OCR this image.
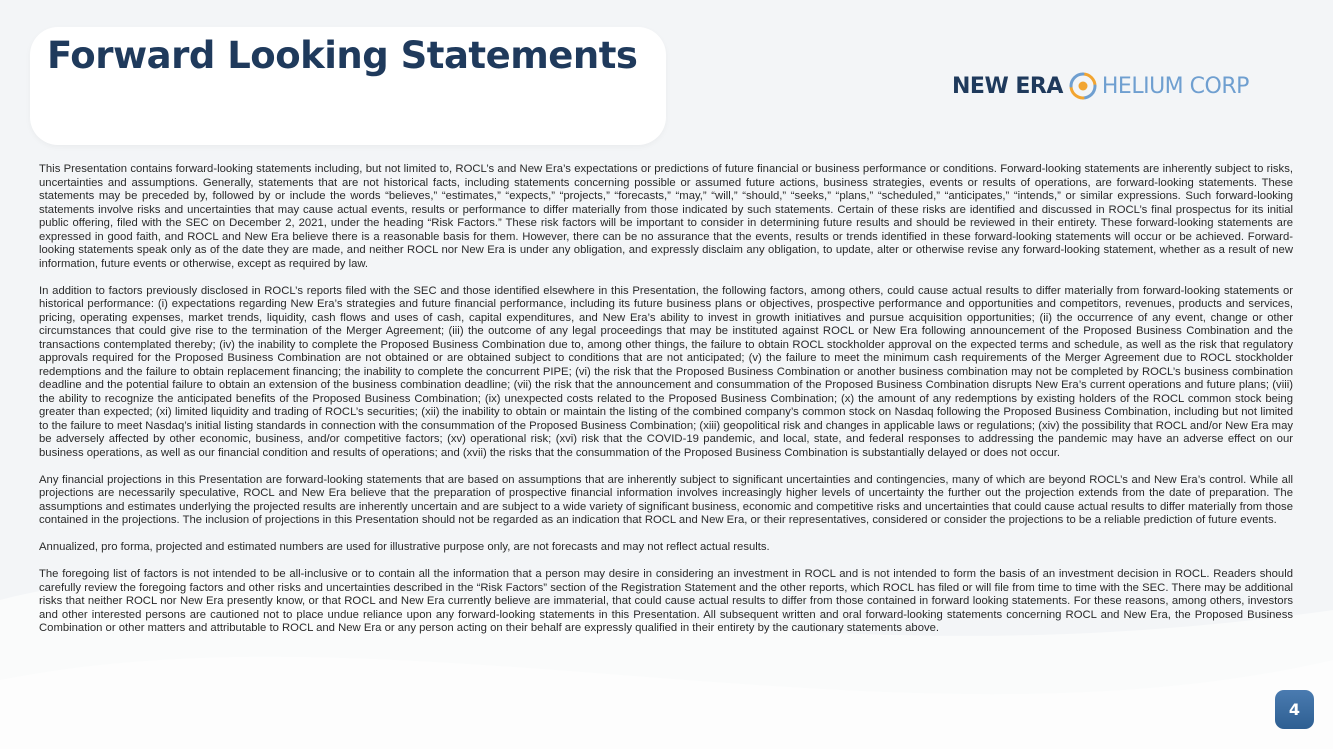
Forward Looking Statements
NEW ERA HELIUM CORP

This Presentation contains forward-looking statements including, but not limited to, ROCL’s and New Era’s expectations or predictions of future financial or business performance or conditions. Forward-looking statements are inherently subject to risks, uncertainties and assumptions. Generally, statements that are not historical facts, including statements concerning possible or assumed future actions, business strategies, events or results of operations, are forward-looking statements. These statements may be preceded by, followed by or include the words “believes,” “estimates,” “expects,” “projects,” “forecasts,” “may,” “will,” “should,” “seeks,” “plans,” “scheduled,” “anticipates,” “intends,” or similar expressions. Such forward-looking statements involve risks and uncertainties that may cause actual events, results or performance to differ materially from those indicated by such statements. Certain of these risks are identified and discussed in ROCL’s final prospectus for its initial public offering, filed with the SEC on December 2, 2021, under the heading “Risk Factors.” These risk factors will be important to consider in determining future results and should be reviewed in their entirety. These forward-looking statements are expressed in good faith, and ROCL and New Era believe there is a reasonable basis for them. However, there can be no assurance that the events, results or trends identified in these forward-looking statements will occur or be achieved. Forward-looking statements speak only as of the date they are made, and neither ROCL nor New Era is under any obligation, and expressly disclaim any obligation, to update, alter or otherwise revise any forward-looking statement, whether as a result of new information, future events or otherwise, except as required by law.

In addition to factors previously disclosed in ROCL’s reports filed with the SEC and those identified elsewhere in this Presentation, the following factors, among others, could cause actual results to differ materially from forward-looking statements or historical performance: (i) expectations regarding New Era’s strategies and future financial performance, including its future business plans or objectives, prospective performance and opportunities and competitors, revenues, products and services, pricing, operating expenses, market trends, liquidity, cash flows and uses of cash, capital expenditures, and New Era’s ability to invest in growth initiatives and pursue acquisition opportunities; (ii) the occurrence of any event, change or other circumstances that could give rise to the termination of the Merger Agreement; (iii) the outcome of any legal proceedings that may be instituted against ROCL or New Era following announcement of the Proposed Business Combination and the transactions contemplated thereby; (iv) the inability to complete the Proposed Business Combination due to, among other things, the failure to obtain ROCL stockholder approval on the expected terms and schedule, as well as the risk that regulatory approvals required for the Proposed Business Combination are not obtained or are obtained subject to conditions that are not anticipated; (v) the failure to meet the minimum cash requirements of the Merger Agreement due to ROCL stockholder redemptions and the failure to obtain replacement financing; the inability to complete the concurrent PIPE; (vi) the risk that the Proposed Business Combination or another business combination may not be completed by ROCL’s business combination deadline and the potential failure to obtain an extension of the business combination deadline; (vii) the risk that the announcement and consummation of the Proposed Business Combination disrupts New Era’s current operations and future plans; (viii) the ability to recognize the anticipated benefits of the Proposed Business Combination; (ix) unexpected costs related to the Proposed Business Combination; (x) the amount of any redemptions by existing holders of the ROCL common stock being greater than expected; (xi) limited liquidity and trading of ROCL’s securities; (xii) the inability to obtain or maintain the listing of the combined company’s common stock on Nasdaq following the Proposed Business Combination, including but not limited to the failure to meet Nasdaq’s initial listing standards in connection with the consummation of the Proposed Business Combination; (xiii) geopolitical risk and changes in applicable laws or regulations; (xiv) the possibility that ROCL and/or New Era may be adversely affected by other economic, business, and/or competitive factors; (xv) operational risk; (xvi) risk that the COVID-19 pandemic, and local, state, and federal responses to addressing the pandemic may have an adverse effect on our business operations, as well as our financial condition and results of operations; and (xvii) the risks that the consummation of the Proposed Business Combination is substantially delayed or does not occur.

Any financial projections in this Presentation are forward-looking statements that are based on assumptions that are inherently subject to significant uncertainties and contingencies, many of which are beyond ROCL’s and New Era’s control. While all projections are necessarily speculative, ROCL and New Era believe that the preparation of prospective financial information involves increasingly higher levels of uncertainty the further out the projection extends from the date of preparation. The assumptions and estimates underlying the projected results are inherently uncertain and are subject to a wide variety of significant business, economic and competitive risks and uncertainties that could cause actual results to differ materially from those contained in the projections. The inclusion of projections in this Presentation should not be regarded as an indication that ROCL and New Era, or their representatives, considered or consider the projections to be a reliable prediction of future events.

Annualized, pro forma, projected and estimated numbers are used for illustrative purpose only, are not forecasts and may not reflect actual results.

The foregoing list of factors is not intended to be all-inclusive or to contain all the information that a person may desire in considering an investment in ROCL and is not intended to form the basis of an investment decision in ROCL. Readers should carefully review the foregoing factors and other risks and uncertainties described in the “Risk Factors” section of the Registration Statement and the other reports, which ROCL has filed or will file from time to time with the SEC. There may be additional risks that neither ROCL nor New Era presently know, or that ROCL and New Era currently believe are immaterial, that could cause actual results to differ from those contained in forward looking statements. For these reasons, among others, investors and other interested persons are cautioned not to place undue reliance upon any forward-looking statements in this Presentation. All subsequent written and oral forward-looking statements concerning ROCL and New Era, the Proposed Business Combination or other matters and attributable to ROCL and New Era or any person acting on their behalf are expressly qualified in their entirety by the cautionary statements above.

4
